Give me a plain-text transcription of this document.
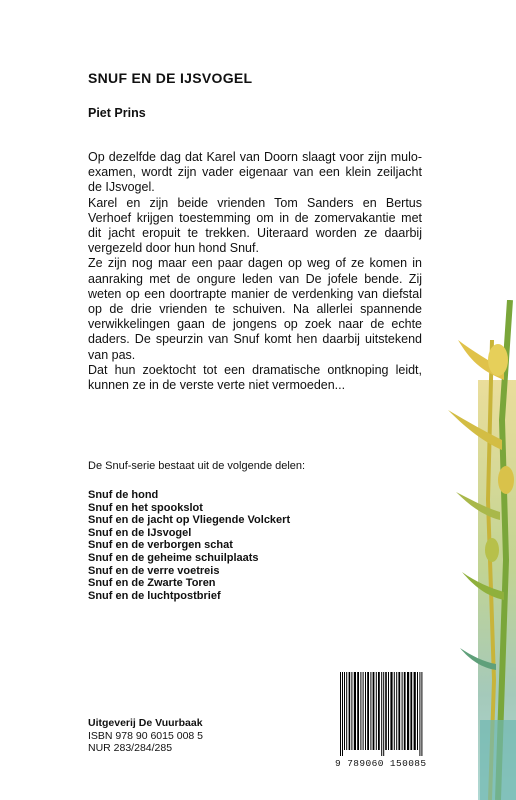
SNUF EN DE IJSVOGEL
Piet Prins

Op dezelfde dag dat Karel van Doorn slaagt voor zijn mulo-examen, wordt zijn vader eigenaar van een klein zeiljacht de IJsvogel.

Karel en zijn beide vrienden Tom Sanders en Bertus Verhoef krijgen toestemming om in de zomervakantie met dit jacht eropuit te trekken. Uiteraard worden ze daarbij vergezeld door hun hond Snuf.

Ze zijn nog maar een paar dagen op weg of ze komen in aanraking met de ongure leden van De jofele bende. Zij weten op een doortrapte manier de verdenking van diefstal op de drie vrienden te schuiven. Na allerlei spannende verwikkelingen gaan de jongens op zoek naar de echte daders. De speurzin van Snuf komt hen daarbij uitstekend van pas.

Dat hun zoektocht tot een dramatische ontknoping leidt, kunnen ze in de verste verte niet vermoeden...

De Snuf-serie bestaat uit de volgende delen:
Snuf de hond
Snuf en het spookslot
Snuf en de jacht op Vliegende Volckert
Snuf en de IJsvogel
Snuf en de verborgen schat
Snuf en de geheime schuilplaats
Snuf en de verre voetreis
Snuf en de Zwarte Toren
Snuf en de luchtpostbrief
Uitgeverij De Vuurbaak
ISBN 978 90 6015 008 5
NUR 283/284/285
9 789060 150085
